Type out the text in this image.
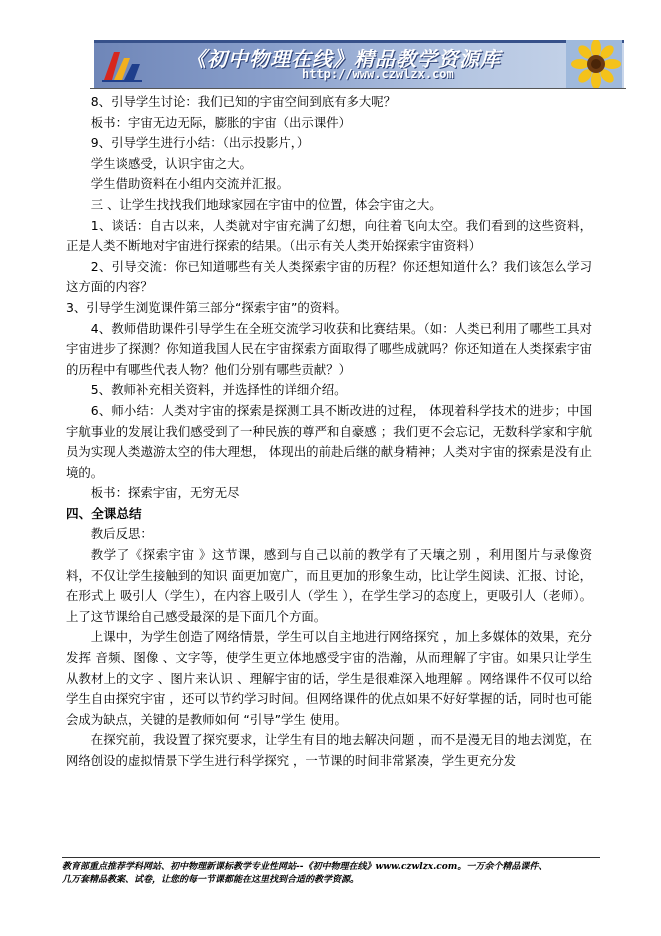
《初中物理在线》精品教学资源库
http://www.czwlzx.com

8、引导学生讨论：我们已知的宇宙空间到底有多大呢？

板书：宇宙无边无际，膨胀的宇宙（出示课件）

9、引导学生进行小结：（出示投影片，）

学生谈感受，认识宇宙之大。

学生借助资料在小组内交流并汇报。

三 、让学生找找我们地球家园在宇宙中的位置，体会宇宙之大。

1、谈话：自古以来，人类就对宇宙充满了幻想，向往着飞向太空。我们看到的这些资料，正是人类不断地对宇宙进行探索的结果。（出示有关人类开始探索宇宙资料）

2、引导交流：你已知道哪些有关人类探索宇宙的历程？你还想知道什么？我们该怎么学习这方面的内容？

3、引导学生浏览课件第三部分“探索宇宙”的资料。

4、教师借助课件引导学生在全班交流学习收获和比赛结果。（如：人类已利用了哪些工具对宇宙进步了探测？你知道我国人民在宇宙探索方面取得了哪些成就吗？你还知道在人类探索宇宙的历程中有哪些代表人物？他们分别有哪些贡献？）

5、教师补充相关资料，并选择性的详细介绍。

6、师小结：人类对宇宙的探索是探测工具不断改进的过程， 体现着科学技术的进步；中国宇航事业的发展让我们感受到了一种民族的尊严和自豪感 ；我们更不会忘记，无数科学家和宇航员为实现人类遨游太空的伟大理想， 体现出的前赴后继的献身精神；人类对宇宙的探索是没有止境的。

板书：探索宇宙，无穷无尽

四、全课总结

教后反思：

教学了《探索宇宙 》这节课，感到与自己以前的教学有了天壤之别 ，利用图片与录像资料，不仅让学生接触到的知识 面更加宽广，而且更加的形象生动，比让学生阅读、汇报、讨论，在形式上 吸引人（学生），在内容上吸引人（学生 ），在学生学习的态度上，更吸引人（老师）。上了这节课给自己感受最深的是下面几个方面。

上课中，为学生创造了网络情景，学生可以自主地进行网络探究 ，加上多媒体的效果，充分发挥 音频、图像 、文字等，使学生更立体地感受宇宙的浩瀚，从而理解了宇宙。如果只让学生从教材上的文字 、图片来认识 、理解宇宙的话，学生是很难深入地理解 。网络课件不仅可以给学生自由探究宇宙 ，还可以节约学习时间。但网络课件的优点如果不好好掌握的话，同时也可能会成为缺点，关键的是教师如何 “引导”学生 使用。

在探究前，我设置了探究要求，让学生有目的地去解决问题 ，而不是漫无目的地去浏览，在网络创设的虚拟情景下学生进行科学探究 ，一节课的时间非常紧凑，学生更充分发

教育部重点推荐学科网站、初中物理新课标教学专业性网站--《初中物理在线》www.czwlzx.com。一万余个精品课件、
几万套精品教案、试卷，让您的每一节课都能在这里找到合适的教学资源。
